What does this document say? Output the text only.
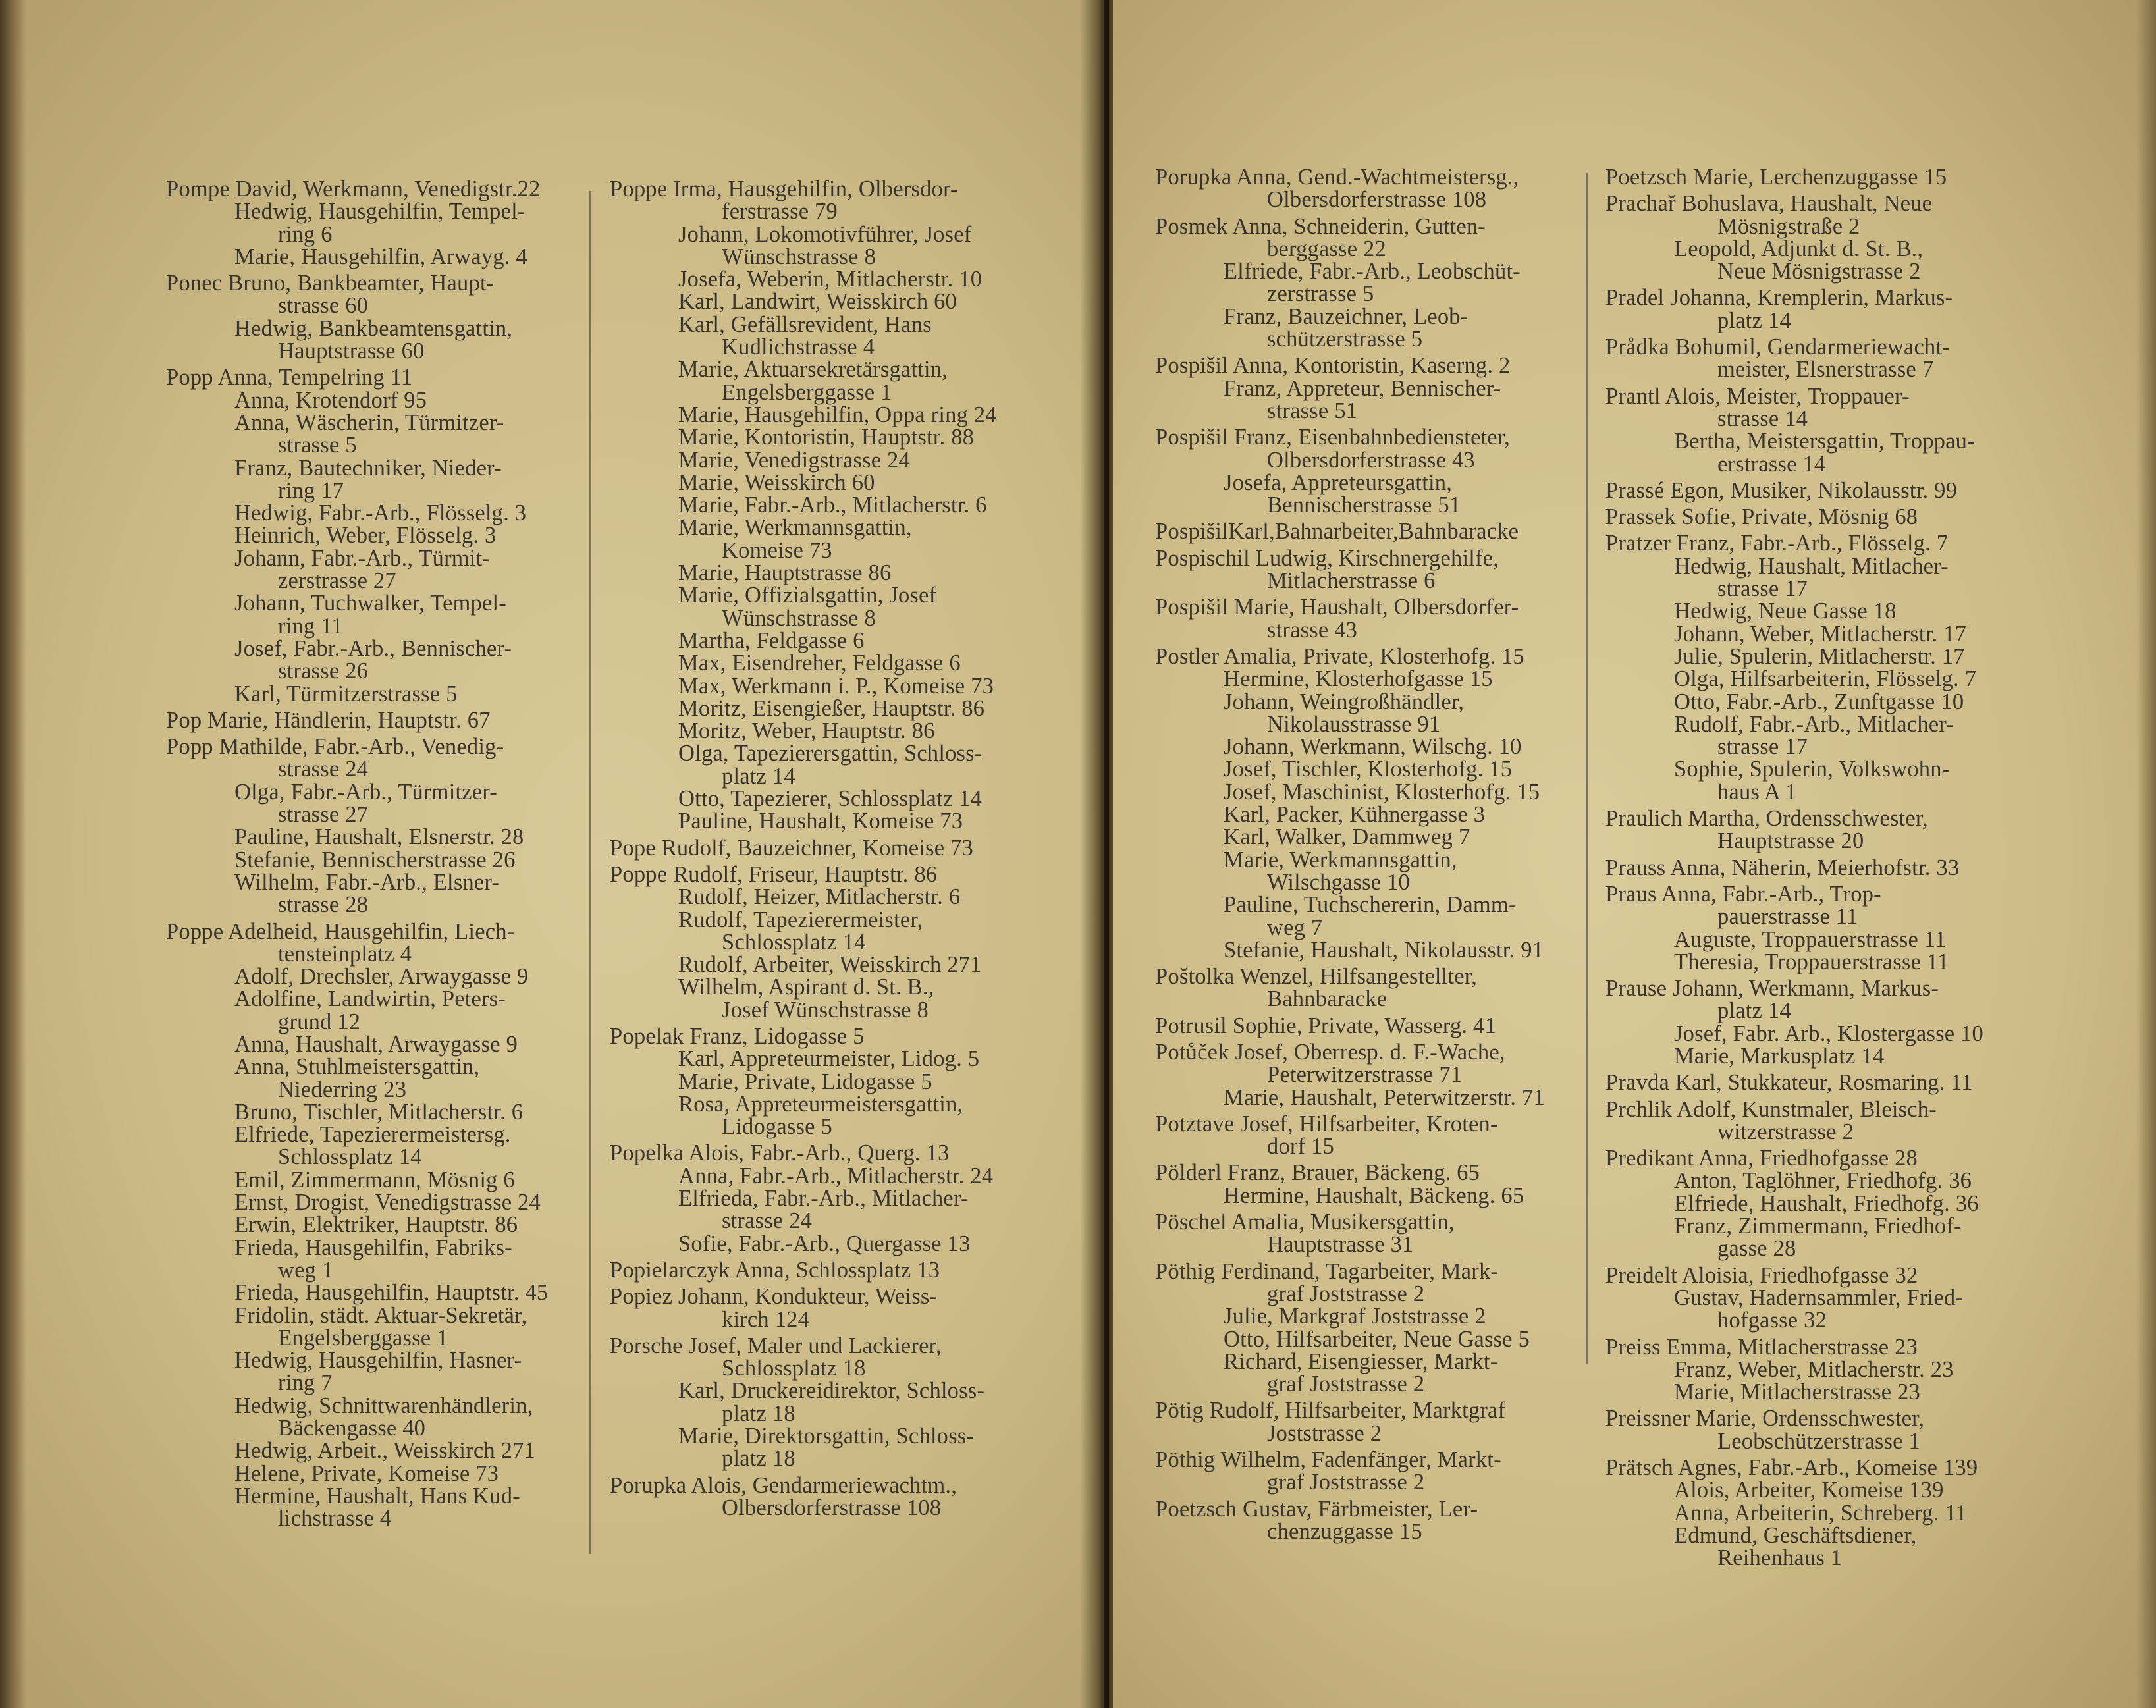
Pompe David, Werkmann, Venedigstr.22
Hedwig, Hausgehilfin, Tempel-
ring 6
Marie, Hausgehilfin, Arwayg. 4
Ponec Bruno, Bankbeamter, Haupt-
strasse 60
Hedwig, Bankbeamtensgattin,
Hauptstrasse 60
Popp Anna, Tempelring 11
Anna, Krotendorf 95
Anna, Wäscherin, Türmitzer-
strasse 5
Franz, Bautechniker, Nieder-
ring 17
Hedwig, Fabr.-Arb., Flösselg. 3
Heinrich, Weber, Flösselg. 3
Johann, Fabr.-Arb., Türmit-
zerstrasse 27
Johann, Tuchwalker, Tempel-
ring 11
Josef, Fabr.-Arb., Bennischer-
strasse 26
Karl, Türmitzerstrasse 5
Pop Marie, Händlerin, Hauptstr. 67
Popp Mathilde, Fabr.-Arb., Venedig-
strasse 24
Olga, Fabr.-Arb., Türmitzer-
strasse 27
Pauline, Haushalt, Elsnerstr. 28
Stefanie, Bennischerstrasse 26
Wilhelm, Fabr.-Arb., Elsner-
strasse 28
Poppe Adelheid, Hausgehilfin, Liech-
tensteinplatz 4
Adolf, Drechsler, Arwaygasse 9
Adolfine, Landwirtin, Peters-
grund 12
Anna, Haushalt, Arwaygasse 9
Anna, Stuhlmeistersgattin,
Niederring 23
Bruno, Tischler, Mitlacherstr. 6
Elfriede, Tapezierermeistersg.
Schlossplatz 14
Emil, Zimmermann, Mösnig 6
Ernst, Drogist, Venedigstrasse 24
Erwin, Elektriker, Hauptstr. 86
Frieda, Hausgehilfin, Fabriks-
weg 1
Frieda, Hausgehilfin, Hauptstr. 45
Fridolin, städt. Aktuar-Sekretär,
Engelsberggasse 1
Hedwig, Hausgehilfin, Hasner-
ring 7
Hedwig, Schnittwarenhändlerin,
Bäckengasse 40
Hedwig, Arbeit., Weisskirch 271
Helene, Private, Komeise 73
Hermine, Haushalt, Hans Kud-
lichstrasse 4
Poppe Irma, Hausgehilfin, Olbersdor-
ferstrasse 79
Johann, Lokomotivführer, Josef
Wünschstrasse 8
Josefa, Weberin, Mitlacherstr. 10
Karl, Landwirt, Weisskirch 60
Karl, Gefällsrevident, Hans
Kudlichstrasse 4
Marie, Aktuarsekretärsgattin,
Engelsberggasse 1
Marie, Hausgehilfin, Oppa ring 24
Marie, Kontoristin, Hauptstr. 88
Marie, Venedigstrasse 24
Marie, Weisskirch 60
Marie, Fabr.-Arb., Mitlacherstr. 6
Marie, Werkmannsgattin,
Komeise 73
Marie, Hauptstrasse 86
Marie, Offizialsgattin, Josef
Wünschstrasse 8
Martha, Feldgasse 6
Max, Eisendreher, Feldgasse 6
Max, Werkmann i. P., Komeise 73
Moritz, Eisengießer, Hauptstr. 86
Moritz, Weber, Hauptstr. 86
Olga, Tapezierersgattin, Schloss-
platz 14
Otto, Tapezierer, Schlossplatz 14
Pauline, Haushalt, Komeise 73
Pope Rudolf, Bauzeichner, Komeise 73
Poppe Rudolf, Friseur, Hauptstr. 86
Rudolf, Heizer, Mitlacherstr. 6
Rudolf, Tapezierermeister,
Schlossplatz 14
Rudolf, Arbeiter, Weisskirch 271
Wilhelm, Aspirant d. St. B.,
Josef Wünschstrasse 8
Popelak Franz, Lidogasse 5
Karl, Appreteurmeister, Lidog. 5
Marie, Private, Lidogasse 5
Rosa, Appreteurmeistersgattin,
Lidogasse 5
Popelka Alois, Fabr.-Arb., Querg. 13
Anna, Fabr.-Arb., Mitlacherstr. 24
Elfrieda, Fabr.-Arb., Mitlacher-
strasse 24
Sofie, Fabr.-Arb., Quergasse 13
Popielarczyk Anna, Schlossplatz 13
Popiez Johann, Kondukteur, Weiss-
kirch 124
Porsche Josef, Maler und Lackierer,
Schlossplatz 18
Karl, Druckereidirektor, Schloss-
platz 18
Marie, Direktorsgattin, Schloss-
platz 18
Porupka Alois, Gendarmeriewachtm.,
Olbersdorferstrasse 108
Porupka Anna, Gend.-Wachtmeistersg.,
Olbersdorferstrasse 108
Posmek Anna, Schneiderin, Gutten-
berggasse 22
Elfriede, Fabr.-Arb., Leobschüt-
zerstrasse 5
Franz, Bauzeichner, Leob-
schützerstrasse 5
Pospišil Anna, Kontoristin, Kaserng. 2
Franz, Appreteur, Bennischer-
strasse 51
Pospišil Franz, Eisenbahnbediensteter,
Olbersdorferstrasse 43
Josefa, Appreteursgattin,
Bennischerstrasse 51
PospišilKarl,Bahnarbeiter,Bahnbaracke
Pospischil Ludwig, Kirschnergehilfe,
Mitlacherstrasse 6
Pospišil Marie, Haushalt, Olbersdorfer-
strasse 43
Postler Amalia, Private, Klosterhofg. 15
Hermine, Klosterhofgasse 15
Johann, Weingroßhändler,
Nikolausstrasse 91
Johann, Werkmann, Wilschg. 10
Josef, Tischler, Klosterhofg. 15
Josef, Maschinist, Klosterhofg. 15
Karl, Packer, Kühnergasse 3
Karl, Walker, Dammweg 7
Marie, Werkmannsgattin,
Wilschgasse 10
Pauline, Tuchschererin, Damm-
weg 7
Stefanie, Haushalt, Nikolausstr. 91
Poštolka Wenzel, Hilfsangestellter,
Bahnbaracke
Potrusil Sophie, Private, Wasserg. 41
Potůček Josef, Oberresp. d. F.-Wache,
Peterwitzerstrasse 71
Marie, Haushalt, Peterwitzerstr. 71
Potztave Josef, Hilfsarbeiter, Kroten-
dorf 15
Pölderl Franz, Brauer, Bäckeng. 65
Hermine, Haushalt, Bäckeng. 65
Pöschel Amalia, Musikersgattin,
Hauptstrasse 31
Pöthig Ferdinand, Tagarbeiter, Mark-
graf Joststrasse 2
Julie, Markgraf Joststrasse 2
Otto, Hilfsarbeiter, Neue Gasse 5
Richard, Eisengiesser, Markt-
graf Joststrasse 2
Pötig Rudolf, Hilfsarbeiter, Marktgraf
Joststrasse 2
Pöthig Wilhelm, Fadenfänger, Markt-
graf Joststrasse 2
Poetzsch Gustav, Färbmeister, Ler-
chenzuggasse 15
Poetzsch Marie, Lerchenzuggasse 15
Prachař Bohuslava, Haushalt, Neue
Mösnigstraße 2
Leopold, Adjunkt d. St. B.,
Neue Mösnigstrasse 2
Pradel Johanna, Kremplerin, Markus-
platz 14
Prådka Bohumil, Gendarmeriewacht-
meister, Elsnerstrasse 7
Prantl Alois, Meister, Troppauer-
strasse 14
Bertha, Meistersgattin, Troppau-
erstrasse 14
Prassé Egon, Musiker, Nikolausstr. 99
Prassek Sofie, Private, Mösnig 68
Pratzer Franz, Fabr.-Arb., Flösselg. 7
Hedwig, Haushalt, Mitlacher-
strasse 17
Hedwig, Neue Gasse 18
Johann, Weber, Mitlacherstr. 17
Julie, Spulerin, Mitlacherstr. 17
Olga, Hilfsarbeiterin, Flösselg. 7
Otto, Fabr.-Arb., Zunftgasse 10
Rudolf, Fabr.-Arb., Mitlacher-
strasse 17
Sophie, Spulerin, Volkswohn-
haus A 1
Praulich Martha, Ordensschwester,
Hauptstrasse 20
Prauss Anna, Näherin, Meierhofstr. 33
Praus Anna, Fabr.-Arb., Trop-
pauerstrasse 11
Auguste, Troppauerstrasse 11
Theresia, Troppauerstrasse 11
Prause Johann, Werkmann, Markus-
platz 14
Josef, Fabr. Arb., Klostergasse 10
Marie, Markusplatz 14
Pravda Karl, Stukkateur, Rosmaring. 11
Prchlik Adolf, Kunstmaler, Bleisch-
witzerstrasse 2
Predikant Anna, Friedhofgasse 28
Anton, Taglöhner, Friedhofg. 36
Elfriede, Haushalt, Friedhofg. 36
Franz, Zimmermann, Friedhof-
gasse 28
Preidelt Aloisia, Friedhofgasse 32
Gustav, Hadernsammler, Fried-
hofgasse 32
Preiss Emma, Mitlacherstrasse 23
Franz, Weber, Mitlacherstr. 23
Marie, Mitlacherstrasse 23
Preissner Marie, Ordensschwester,
Leobschützerstrasse 1
Prätsch Agnes, Fabr.-Arb., Komeise 139
Alois, Arbeiter, Komeise 139
Anna, Arbeiterin, Schreberg. 11
Edmund, Geschäftsdiener,
Reihenhaus 1
